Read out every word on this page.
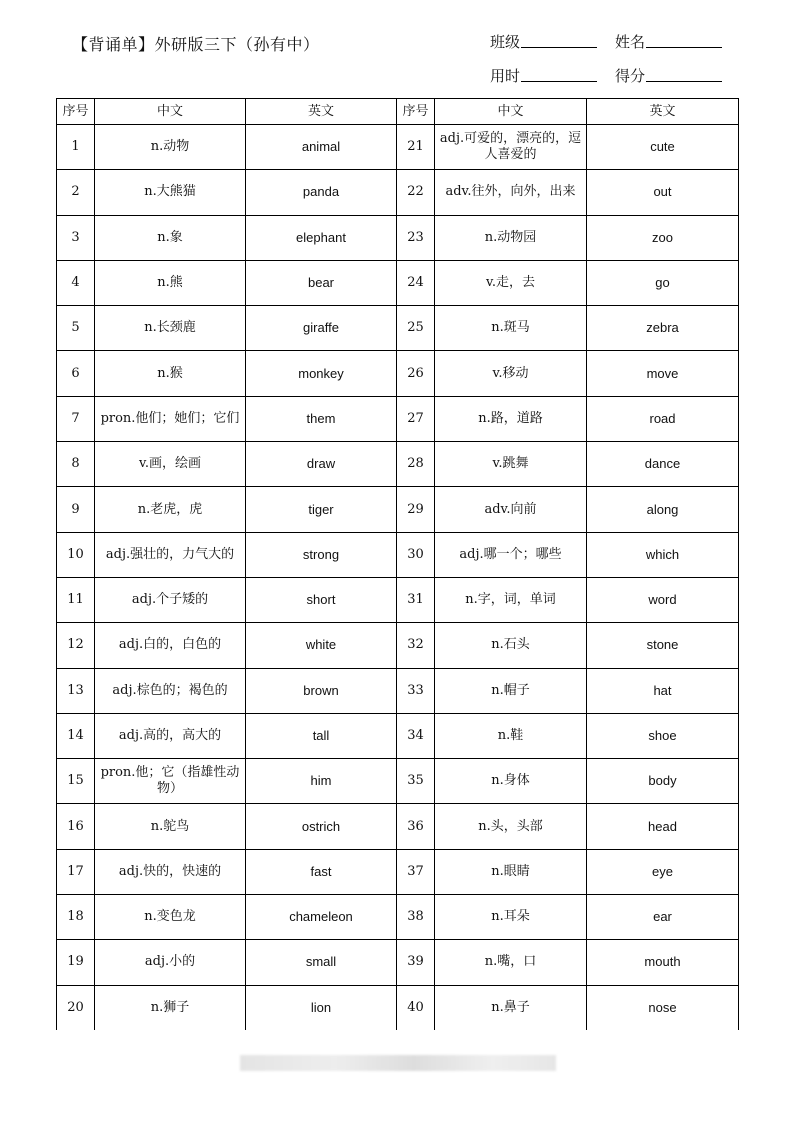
【背诵单】外研版三下（孙有中）	班级	姓名
用时	得分
序号	中文	英文	序号	中文	英文
1	n.动物	animal	21	adj.可爱的，漂亮的，逗人喜爱的	cute
2	n.大熊猫	panda	22	adv.往外，向外，出来	out
3	n.象	elephant	23	n.动物园	zoo
4	n.熊	bear	24	v.走，去	go
5	n.长颈鹿	giraffe	25	n.斑马	zebra
6	n.猴	monkey	26	v.移动	move
7	pron.他们；她们；它们	them	27	n.路，道路	road
8	v.画，绘画	draw	28	v.跳舞	dance
9	n.老虎，虎	tiger	29	adv.向前	along
10	adj.强壮的，力气大的	strong	30	adj.哪一个；哪些	which
11	adj.个子矮的	short	31	n.字，词，单词	word
12	adj.白的，白色的	white	32	n.石头	stone
13	adj.棕色的；褐色的	brown	33	n.帽子	hat
14	adj.高的，高大的	tall	34	n.鞋	shoe
15	pron.他；它（指雄性动物）	him	35	n.身体	body
16	n.鸵鸟	ostrich	36	n.头，头部	head
17	adj.快的，快速的	fast	37	n.眼睛	eye
18	n.变色龙	chameleon	38	n.耳朵	ear
19	adj.小的	small	39	n.嘴，口	mouth
20	n.狮子	lion	40	n.鼻子	nose
